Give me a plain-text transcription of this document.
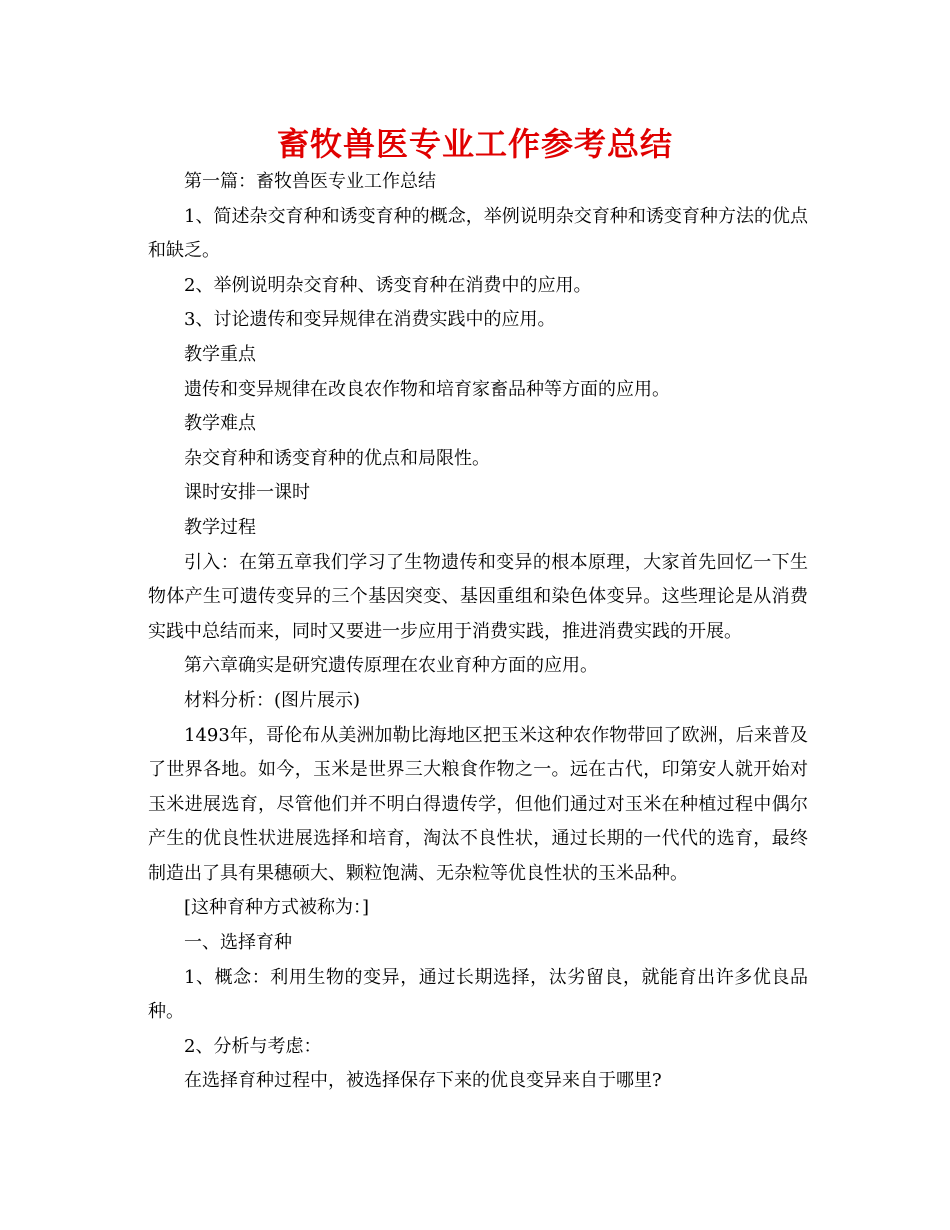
畜牧兽医专业工作参考总结

第一篇：畜牧兽医专业工作总结

1、简述杂交育种和诱变育种的概念，举例说明杂交育种和诱变育种方法的优点和缺乏。

2、举例说明杂交育种、诱变育种在消费中的应用。

3、讨论遗传和变异规律在消费实践中的应用。

教学重点

遗传和变异规律在改良农作物和培育家畜品种等方面的应用。

教学难点

杂交育种和诱变育种的优点和局限性。

课时安排一课时

教学过程

引入：在第五章我们学习了生物遗传和变异的根本原理，大家首先回忆一下生物体产生可遗传变异的三个基因突变、基因重组和染色体变异。这些理论是从消费实践中总结而来，同时又要进一步应用于消费实践，推进消费实践的开展。

第六章确实是研究遗传原理在农业育种方面的应用。

材料分析：(图片展示)

1493年，哥伦布从美洲加勒比海地区把玉米这种农作物带回了欧洲，后来普及了世界各地。如今，玉米是世界三大粮食作物之一。远在古代，印第安人就开始对玉米进展选育，尽管他们并不明白得遗传学，但他们通过对玉米在种植过程中偶尔产生的优良性状进展选择和培育，淘汰不良性状，通过长期的一代代的选育，最终制造出了具有果穗硕大、颗粒饱满、无杂粒等优良性状的玉米品种。

[这种育种方式被称为：]

一、选择育种

1、概念：利用生物的变异，通过长期选择，汰劣留良，就能育出许多优良品种。

2、分析与考虑：

在选择育种过程中，被选择保存下来的优良变异来自于哪里?
